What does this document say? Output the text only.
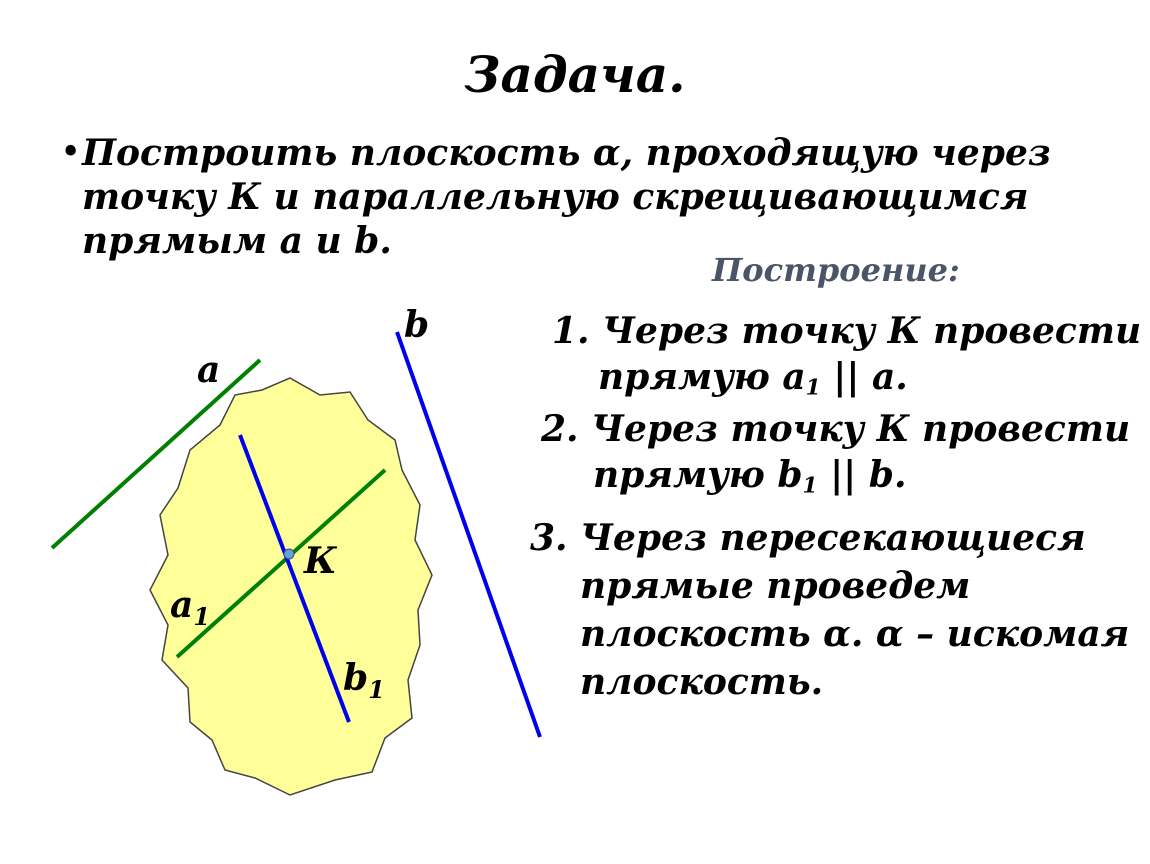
Задача.
• Построить плоскость α, проходящую через
точку К и параллельную скрещивающимся
прямым а и b.
Построение:
1. Через точку К провести
прямую $а_1$ || а.
2. Через точку К провести
прямую $b_1$ || b.
3. Через пересекающиеся
прямые проведем
плоскость α. α – искомая
плоскость.
а
b
К
$а_1$
$b_1$
